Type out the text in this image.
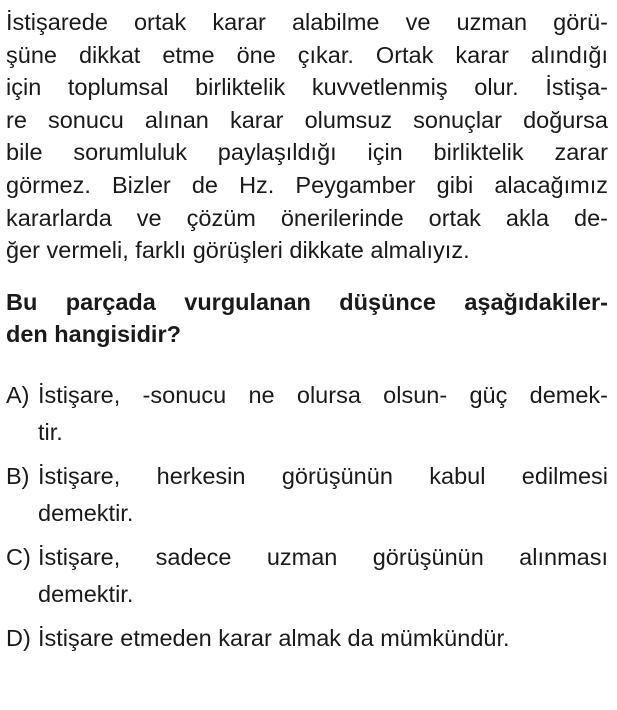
İstişarede ortak karar alabilme ve uzman görü-
şüne dikkat etme öne çıkar. Ortak karar alındığı
için toplumsal birliktelik kuvvetlenmiş olur. İstişa-
re sonucu alınan karar olumsuz sonuçlar doğursa
bile sorumluluk paylaşıldığı için birliktelik zarar
görmez. Bizler de Hz. Peygamber gibi alacağımız
kararlarda ve çözüm önerilerinde ortak akla de-
ğer vermeli, farklı görüşleri dikkate almalıyız.
Bu parçada vurgulanan düşünce aşağıdakiler-
den hangisidir?
A) İstişare, -sonucu ne olursa olsun- güç demek-
tir.
B) İstişare, herkesin görüşünün kabul edilmesi
demektir.
C) İstişare, sadece uzman görüşünün alınması
demektir.
D) İstişare etmeden karar almak da mümkündür.
